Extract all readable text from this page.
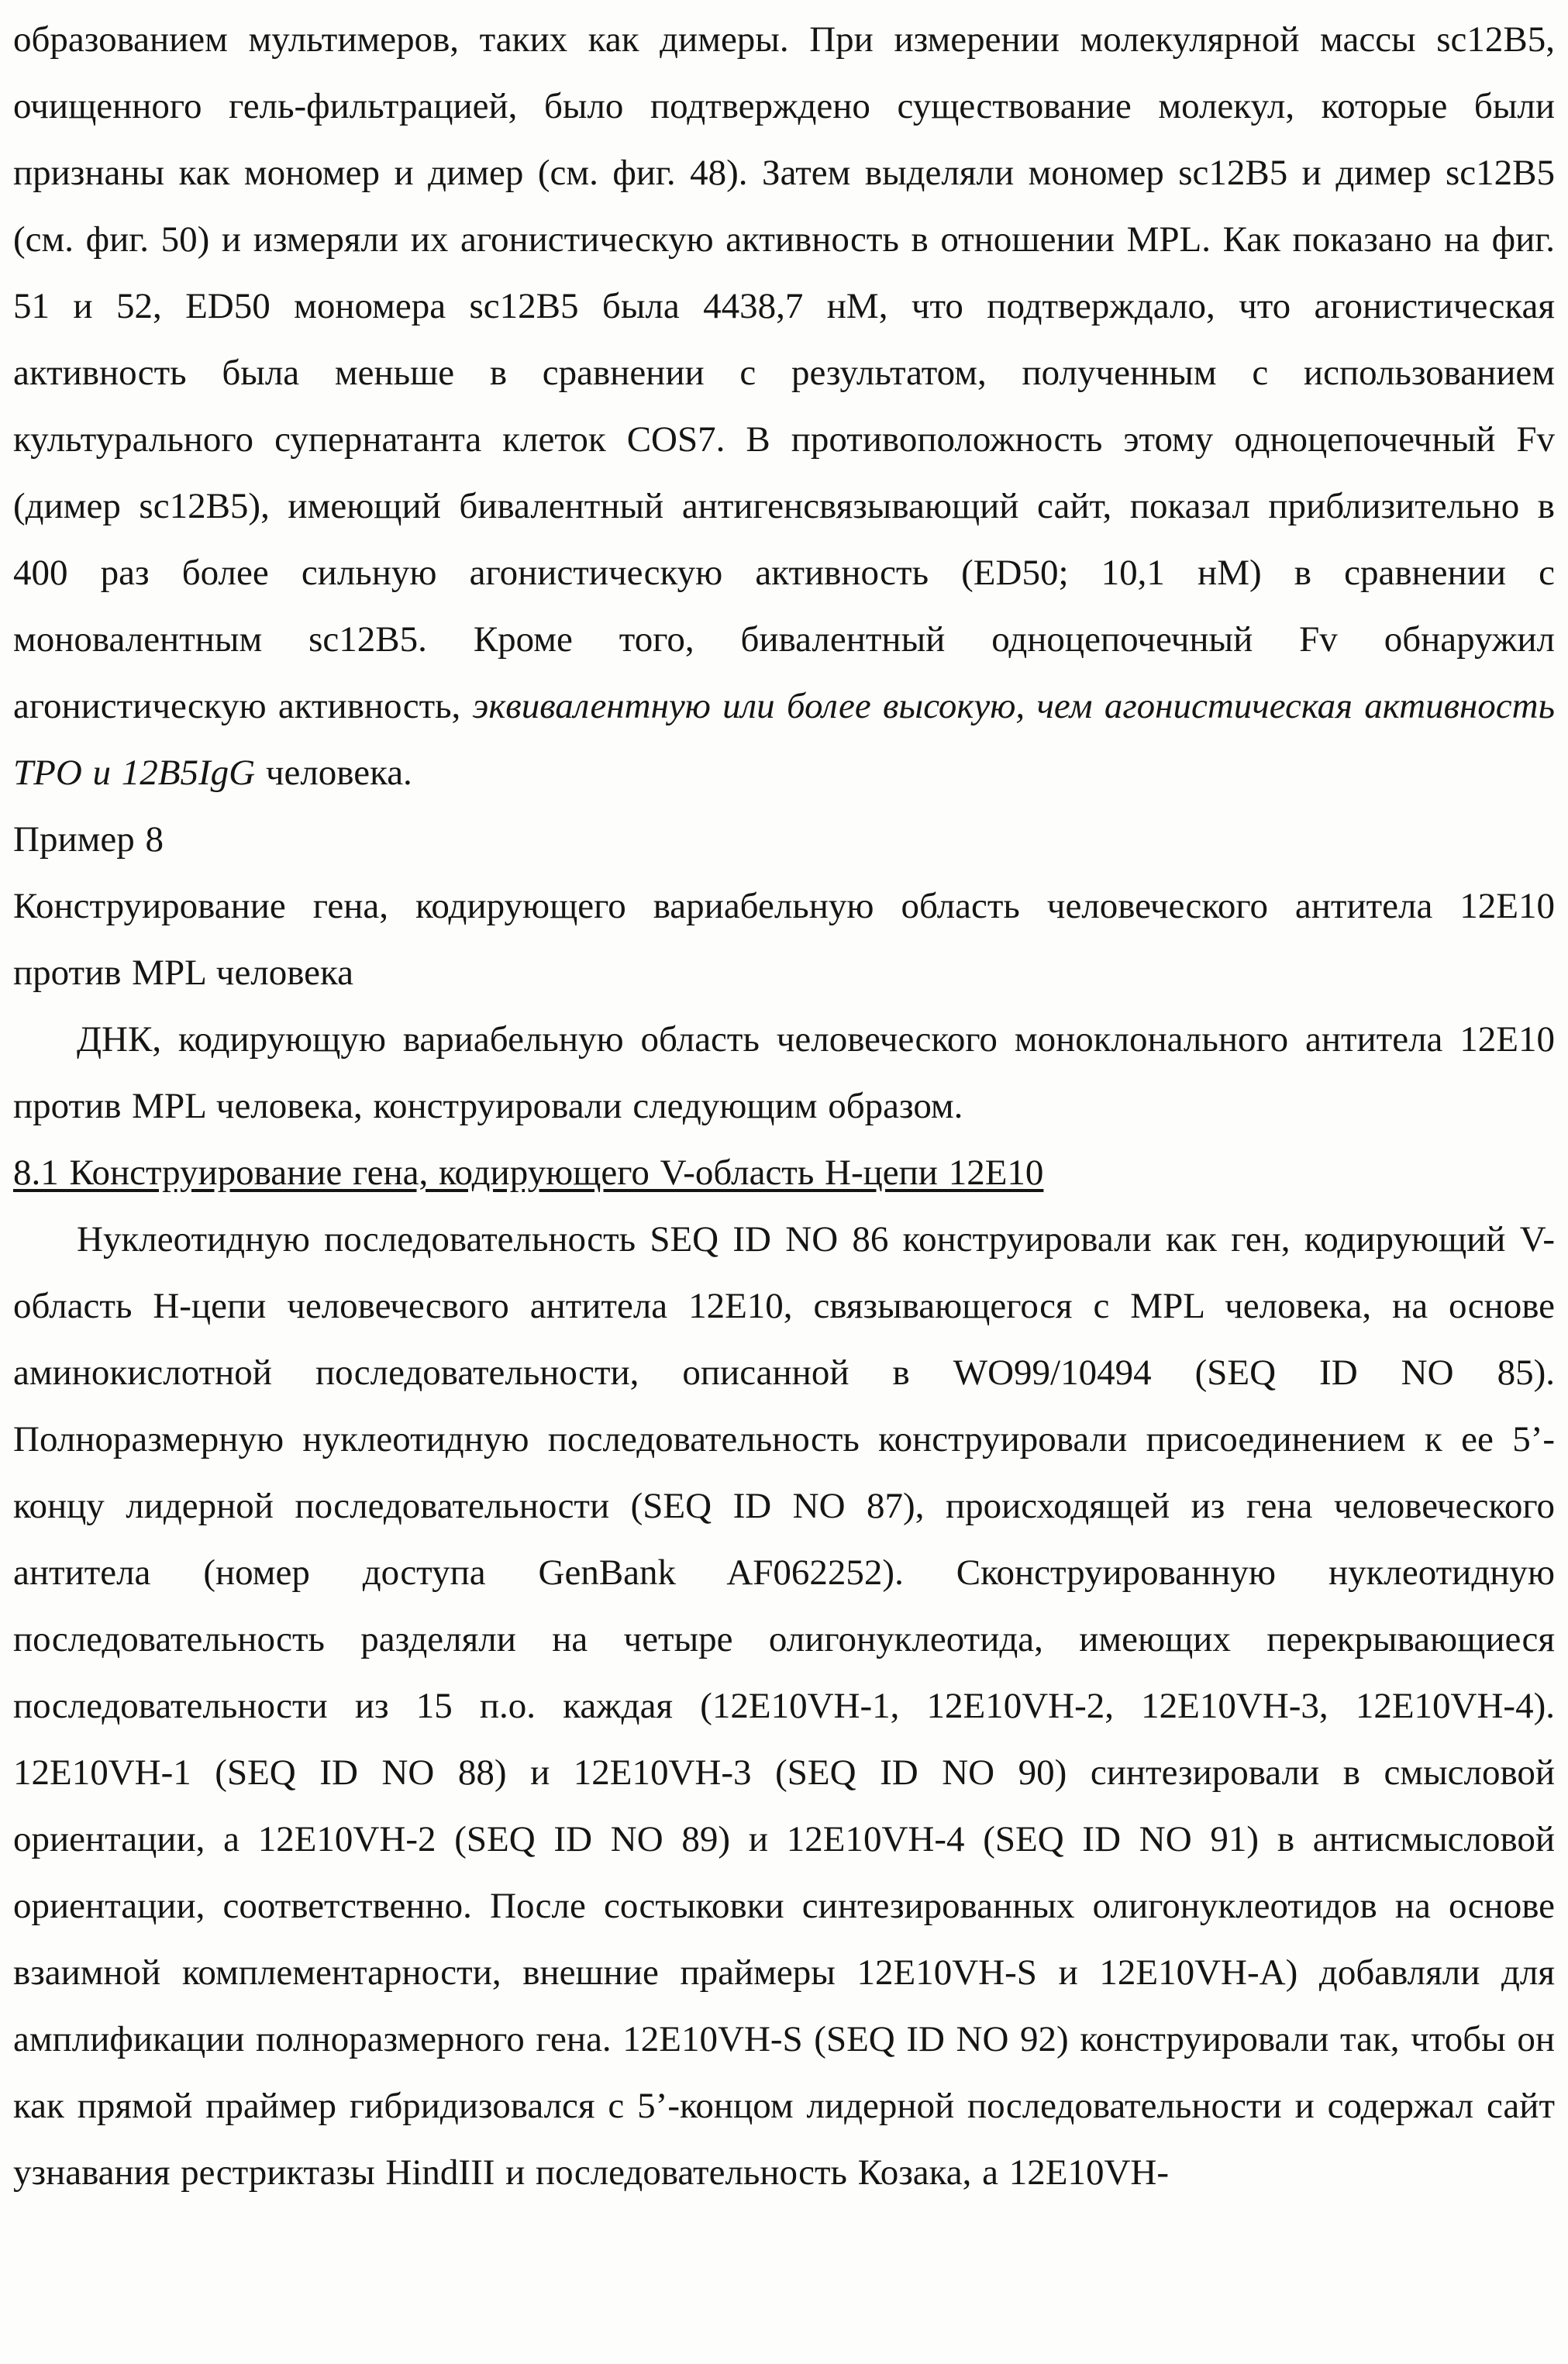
образованием мультимеров, таких как димеры. При измерении молекулярной массы sc12B5, очищенного гель-фильтрацией, было подтверждено существование молекул, которые были признаны как мономер и димер (см. фиг. 48). Затем выделяли мономер sc12B5 и димер sc12B5 (см. фиг. 50) и измеряли их агонистическую активность в отношении MPL. Как показано на фиг. 51 и 52, ED50 мономера sc12B5 была 4438,7 нМ, что подтверждало, что агонистическая активность была меньше в сравнении с результатом, полученным с использованием культурального супернатанта клеток COS7. В противоположность этому одноцепочечный Fv (димер sc12B5), имеющий бивалентный антигенсвязывающий сайт, показал приблизительно в 400 раз более сильную агонистическую активность (ED50; 10,1 нМ) в сравнении с моновалентным sc12B5. Кроме того, бивалентный одноцепочечный Fv обнаружил агонистическую активность, эквивалентную или более высокую, чем агонистическая активность TPO и 12B5IgG человека.

Пример 8

Конструирование гена, кодирующего вариабельную область человеческого антитела 12E10 против MPL человека

ДНК, кодирующую вариабельную область человеческого моноклонального антитела 12E10 против MPL человека, конструировали следующим образом.

8.1 Конструирование гена, кодирующего V-область H-цепи 12E10

Нуклеотидную последовательность SEQ ID NO 86 конструировали как ген, кодирующий V-область H-цепи человечесвого антитела 12E10, связывающегося с MPL человека, на основе аминокислотной последовательности, описанной в WO99/10494 (SEQ ID NO 85). Полноразмерную нуклеотидную последовательность конструировали присоединением к ее 5’-концу лидерной последовательности (SEQ ID NO 87), происходящей из гена человеческого антитела (номер доступа GenBank AF062252). Сконструированную нуклеотидную последовательность разделяли на четыре олигонуклеотида, имеющих перекрывающиеся последовательности из 15 п.о. каждая (12E10VH-1, 12E10VH-2, 12E10VH-3, 12E10VH-4). 12E10VH-1 (SEQ ID NO 88) и 12E10VH-3 (SEQ ID NO 90) синтезировали в смысловой ориентации, а 12E10VH-2 (SEQ ID NO 89) и 12E10VH-4 (SEQ ID NO 91) в антисмысловой ориентации, соответственно. После состыковки синтезированных олигонуклеотидов на основе взаимной комплементарности, внешние праймеры 12E10VH-S и 12E10VH-A) добавляли для амплификации полноразмерного гена. 12E10VH-S (SEQ ID NO 92) конструировали так, чтобы он как прямой праймер гибридизовался с 5’-концом лидерной последовательности и содержал сайт узнавания рестриктазы HindIII и последовательность Козака, а 12E10VH-
